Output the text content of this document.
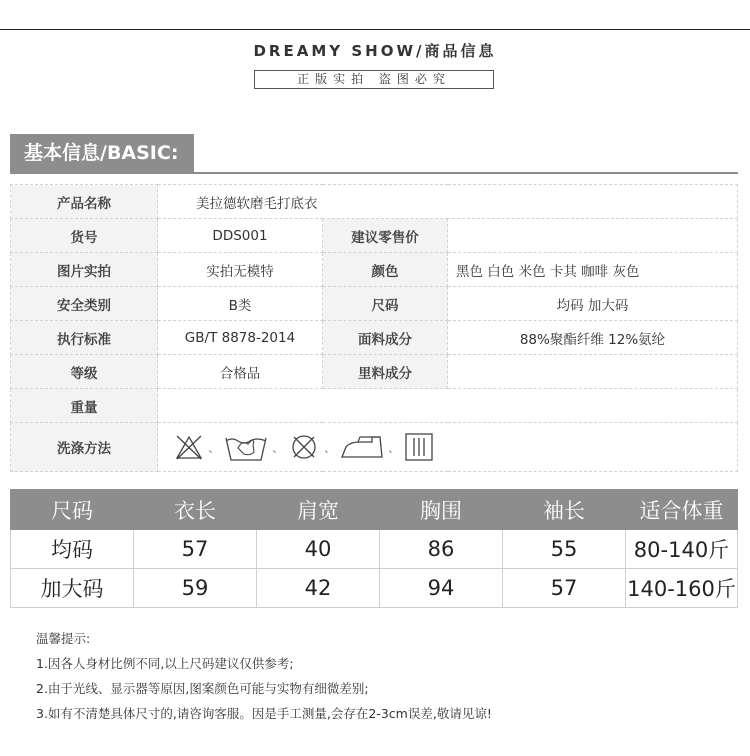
DREAMY SHOW/商品信息
正版实拍 盗图必究
基本信息/BASIC:
产品名称	美拉德软磨毛打底衣		
货号	DDS001	建议零售价	
图片实拍	实拍无模特	颜色	黑色 白色 米色 卡其 咖啡 灰色
安全类别	B类	尺码	均码 加大码
执行标准	GB/T 8878-2014	面料成分	88%聚酯纤维 12%氨纶
等级	合格品	里料成分	
重量			
洗涤方法	、 、 、 、		
尺码	衣长	肩宽	胸围	袖长	适合体重
均码	57	40	86	55	80-140斤
加大码	59	42	94	57	140-160斤
温馨提示:
1.因各人身材比例不同,以上尺码建议仅供参考;
2.由于光线、显示器等原因,图案颜色可能与实物有细微差别;
3.如有不清楚具体尺寸的,请咨询客服。因是手工测量,会存在2-3cm误差,敬请见谅!
